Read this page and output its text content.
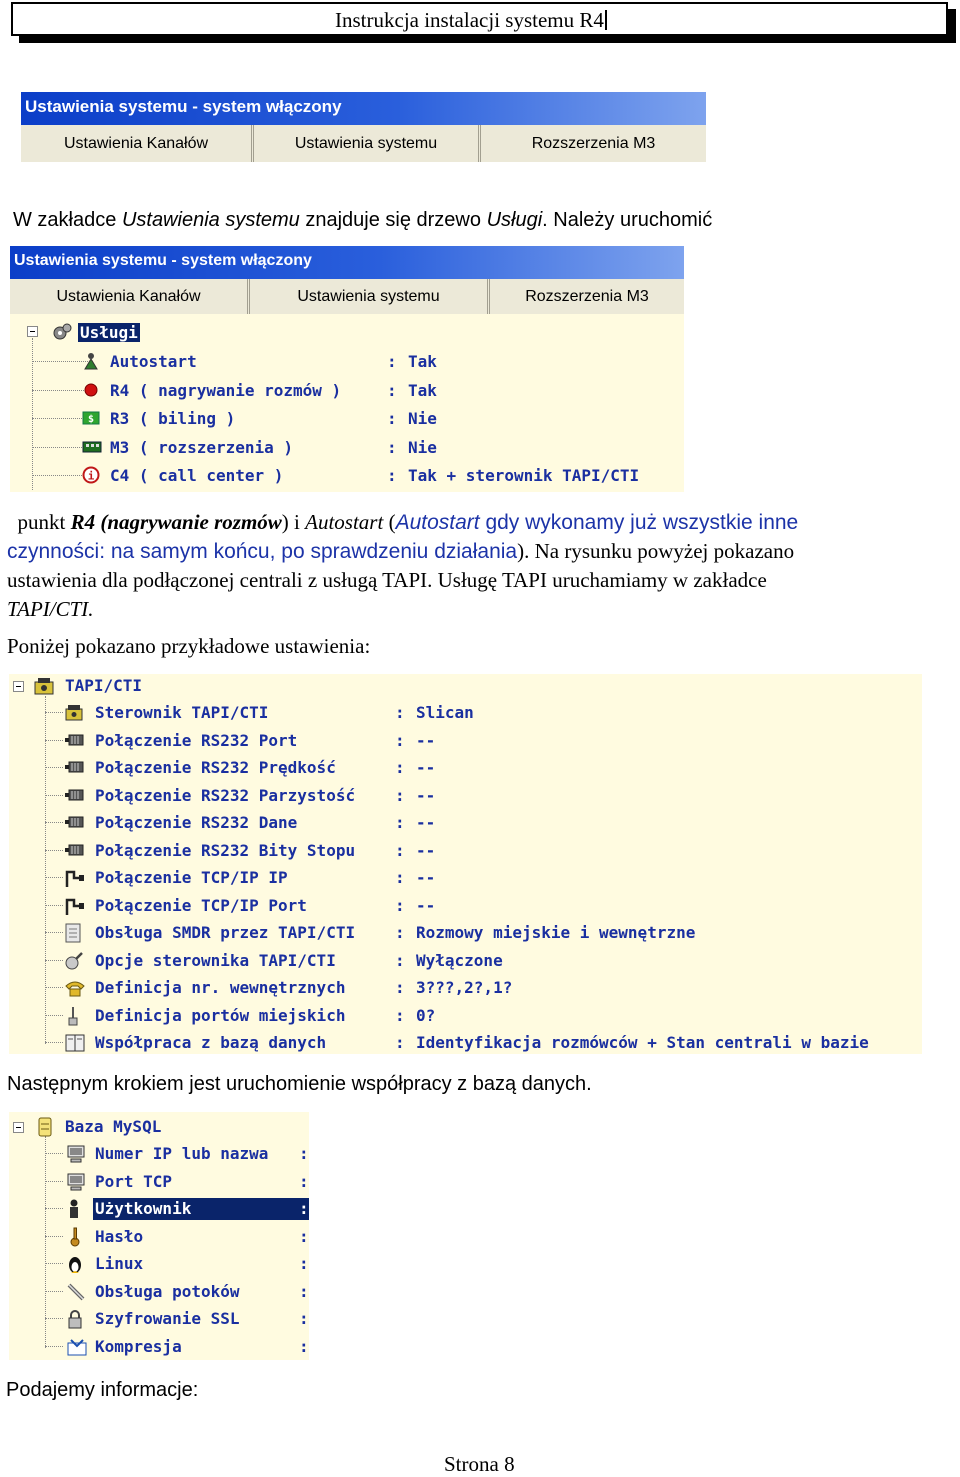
Instrukcja instalacji systemu R4
Ustawienia systemu - system włączony
Ustawienia Kanałów	Ustawienia systemu	Rozszerzenia M3
W zakładce Ustawienia systemu znajduje się drzewo Usługi. Należy uruchomić
Ustawienia systemu - system włączony
Ustawienia Kanałów	Ustawienia systemu	Rozszerzenia M3

Usługi

Autostart	: Tak
R4 ( nagrywanie rozmów )	: Tak
$ R3 ( biling )	: Nie
M3 ( rozszerzenia )	: Nie
i C4 ( call center )	: Tak + sterownik TAPI/CTI
punkt R4 (nagrywanie rozmów) i Autostart (Autostart gdy wykonamy już wszystkie inne
czynności: na samym końcu, po sprawdzeniu działania). Na rysunku powyżej pokazano
ustawienia dla podłączonej centrali z usługą TAPI. Usługę TAPI uruchamiamy w zakładce
TAPI/CTI.
Poniżej pokazano przykładowe ustawienia:

TAPI/CTI

Sterownik TAPI/CTI	: Slican
Połączenie RS232 Port	: --
Połączenie RS232 Prędkość	: --
Połączenie RS232 Parzystość : --
Połączenie RS232 Dane	: --
Połączenie RS232 Bity Stopu : --
Połączenie TCP/IP IP	: --
Połączenie TCP/IP Port	: --
Obsługa SMDR przez TAPI/CTI : Rozmowy miejskie i wewnętrzne
Opcje sterownika TAPI/CTI	: Wyłączone
Definicja nr. wewnętrznych	: 3???,2?,1?
Definicja portów miejskich	: 0?
Współpraca z bazą danych	: Identyfikacja rozmówców + Stan centrali w bazie
Następnym krokiem jest uruchomienie współpracy z bazą danych.

Baza MySQL

Numer IP lub nazwa :
Port TCP	:
Użytkownik	:
Hasło	:
Linux	:
Obsługa potoków	:
Szyfrowanie SSL	:
Kompresja	:
Podajemy informacje:
Strona 8
